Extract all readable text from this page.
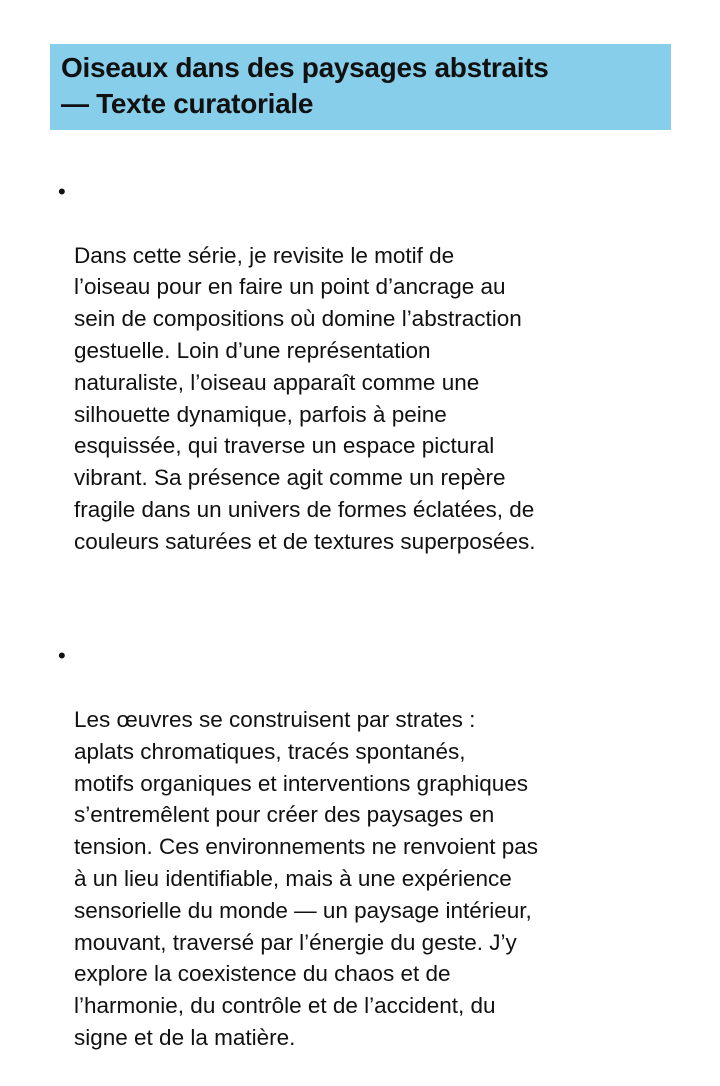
Oiseaux dans des paysages abstraits
— Texte curatoriale

•

Dans cette série, je revisite le motif de
l’oiseau pour en faire un point d’ancrage au
sein de compositions où domine l’abstraction
gestuelle. Loin d’une représentation
naturaliste, l’oiseau apparaît comme une
silhouette dynamique, parfois à peine
esquissée, qui traverse un espace pictural
vibrant. Sa présence agit comme un repère
fragile dans un univers de formes éclatées, de
couleurs saturées et de textures superposées.

•

Les œuvres se construisent par strates :
aplats chromatiques, tracés spontanés,
motifs organiques et interventions graphiques
s’entremêlent pour créer des paysages en
tension. Ces environnements ne renvoient pas
à un lieu identifiable, mais à une expérience
sensorielle du monde — un paysage intérieur,
mouvant, traversé par l’énergie du geste. J’y
explore la coexistence du chaos et de
l’harmonie, du contrôle et de l’accident, du
signe et de la matière.
